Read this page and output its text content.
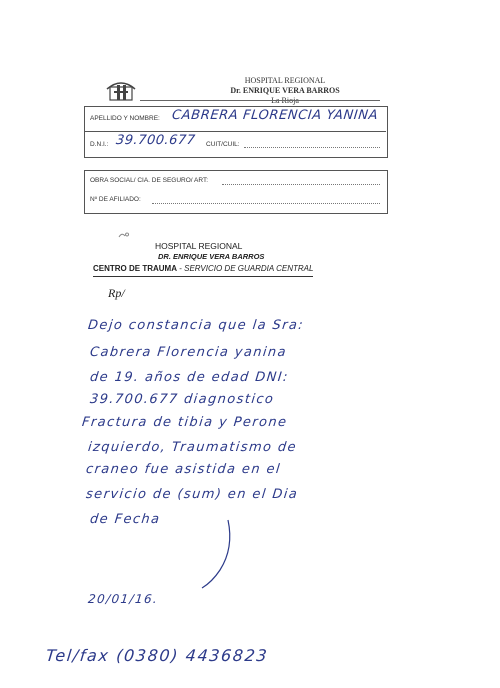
HOSPITAL REGIONAL
Dr. ENRIQUE VERA BARROS
La Rioja
APELLIDO Y NOMBRE: CABRERA FLORENCIA YANINA
D.N.I.: 39.700.677 CUIT/CUIL:
OBRA SOCIAL/ CIA. DE SEGURO/ ART:
Nº DE AFILIADO:
HOSPITAL REGIONAL
DR. ENRIQUE VERA BARROS
CENTRO DE TRAUMA - SERVICIO DE GUARDIA CENTRAL
Rp/
Dejo constancia que la Sra:
Cabrera Florencia yanina
de 19. años de edad DNI:
39.700.677 diagnostico
Fractura de tibia y Perone
izquierdo, Traumatismo de
craneo fue asistida en el
servicio de (sum) en el Dia
de Fecha
20/01/16.
Tel/fax (0380) 4436823
